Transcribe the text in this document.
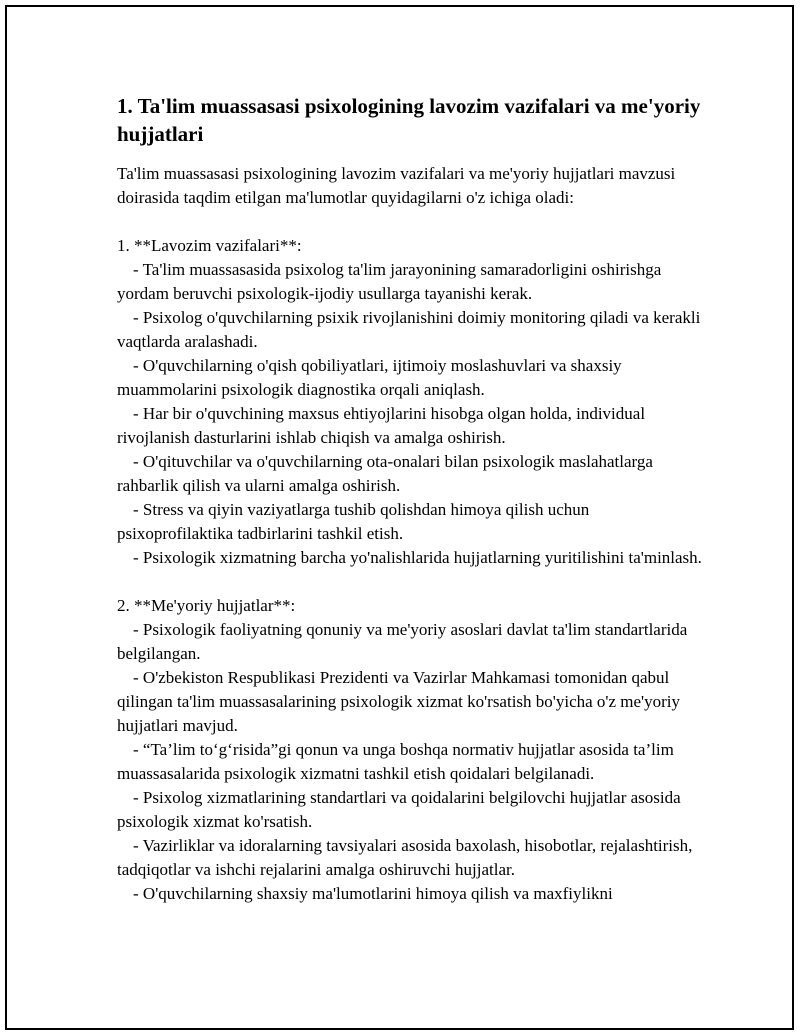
1. Ta'lim muassasasi psixologining lavozim vazifalari va me'yoriy hujjatlari

Ta'lim muassasasi psixologining lavozim vazifalari va me'yoriy hujjatlari mavzusi doirasida taqdim etilgan ma'lumotlar quyidagilarni o'z ichiga oladi:

1. **Lavozim vazifalari**:
- Ta'lim muassasasida psixolog ta'lim jarayonining samaradorligini oshirishga yordam beruvchi psixologik-ijodiy usullarga tayanishi kerak.
- Psixolog o'quvchilarning psixik rivojlanishini doimiy monitoring qiladi va kerakli vaqtlarda aralashadi.
- O'quvchilarning o'qish qobiliyatlari, ijtimoiy moslashuvlari va shaxsiy muammolarini psixologik diagnostika orqali aniqlash.
- Har bir o'quvchining maxsus ehtiyojlarini hisobga olgan holda, individual rivojlanish dasturlarini ishlab chiqish va amalga oshirish.
- O'qituvchilar va o'quvchilarning ota-onalari bilan psixologik maslahatlarga rahbarlik qilish va ularni amalga oshirish.
- Stress va qiyin vaziyatlarga tushib qolishdan himoya qilish uchun psixoprofilaktika tadbirlarini tashkil etish.
- Psixologik xizmatning barcha yo'nalishlarida hujjatlarning yuritilishini ta'minlash.
2. **Me'yoriy hujjatlar**:
- Psixologik faoliyatning qonuniy va me'yoriy asoslari davlat ta'lim standartlarida belgilangan.
- O'zbekiston Respublikasi Prezidenti va Vazirlar Mahkamasi tomonidan qabul qilingan ta'lim muassasalarining psixologik xizmat ko'rsatish bo'yicha o'z me'yoriy hujjatlari mavjud.
- “Ta’lim to‘g‘risida”gi qonun va unga boshqa normativ hujjatlar asosida ta’lim muassasalarida psixologik xizmatni tashkil etish qoidalari belgilanadi.
- Psixolog xizmatlarining standartlari va qoidalarini belgilovchi hujjatlar asosida psixologik xizmat ko'rsatish.
- Vazirliklar va idoralarning tavsiyalari asosida baxolash, hisobotlar, rejalashtirish, tadqiqotlar va ishchi rejalarini amalga oshiruvchi hujjatlar.
- O'quvchilarning shaxsiy ma'lumotlarini himoya qilish va maxfiylikni
